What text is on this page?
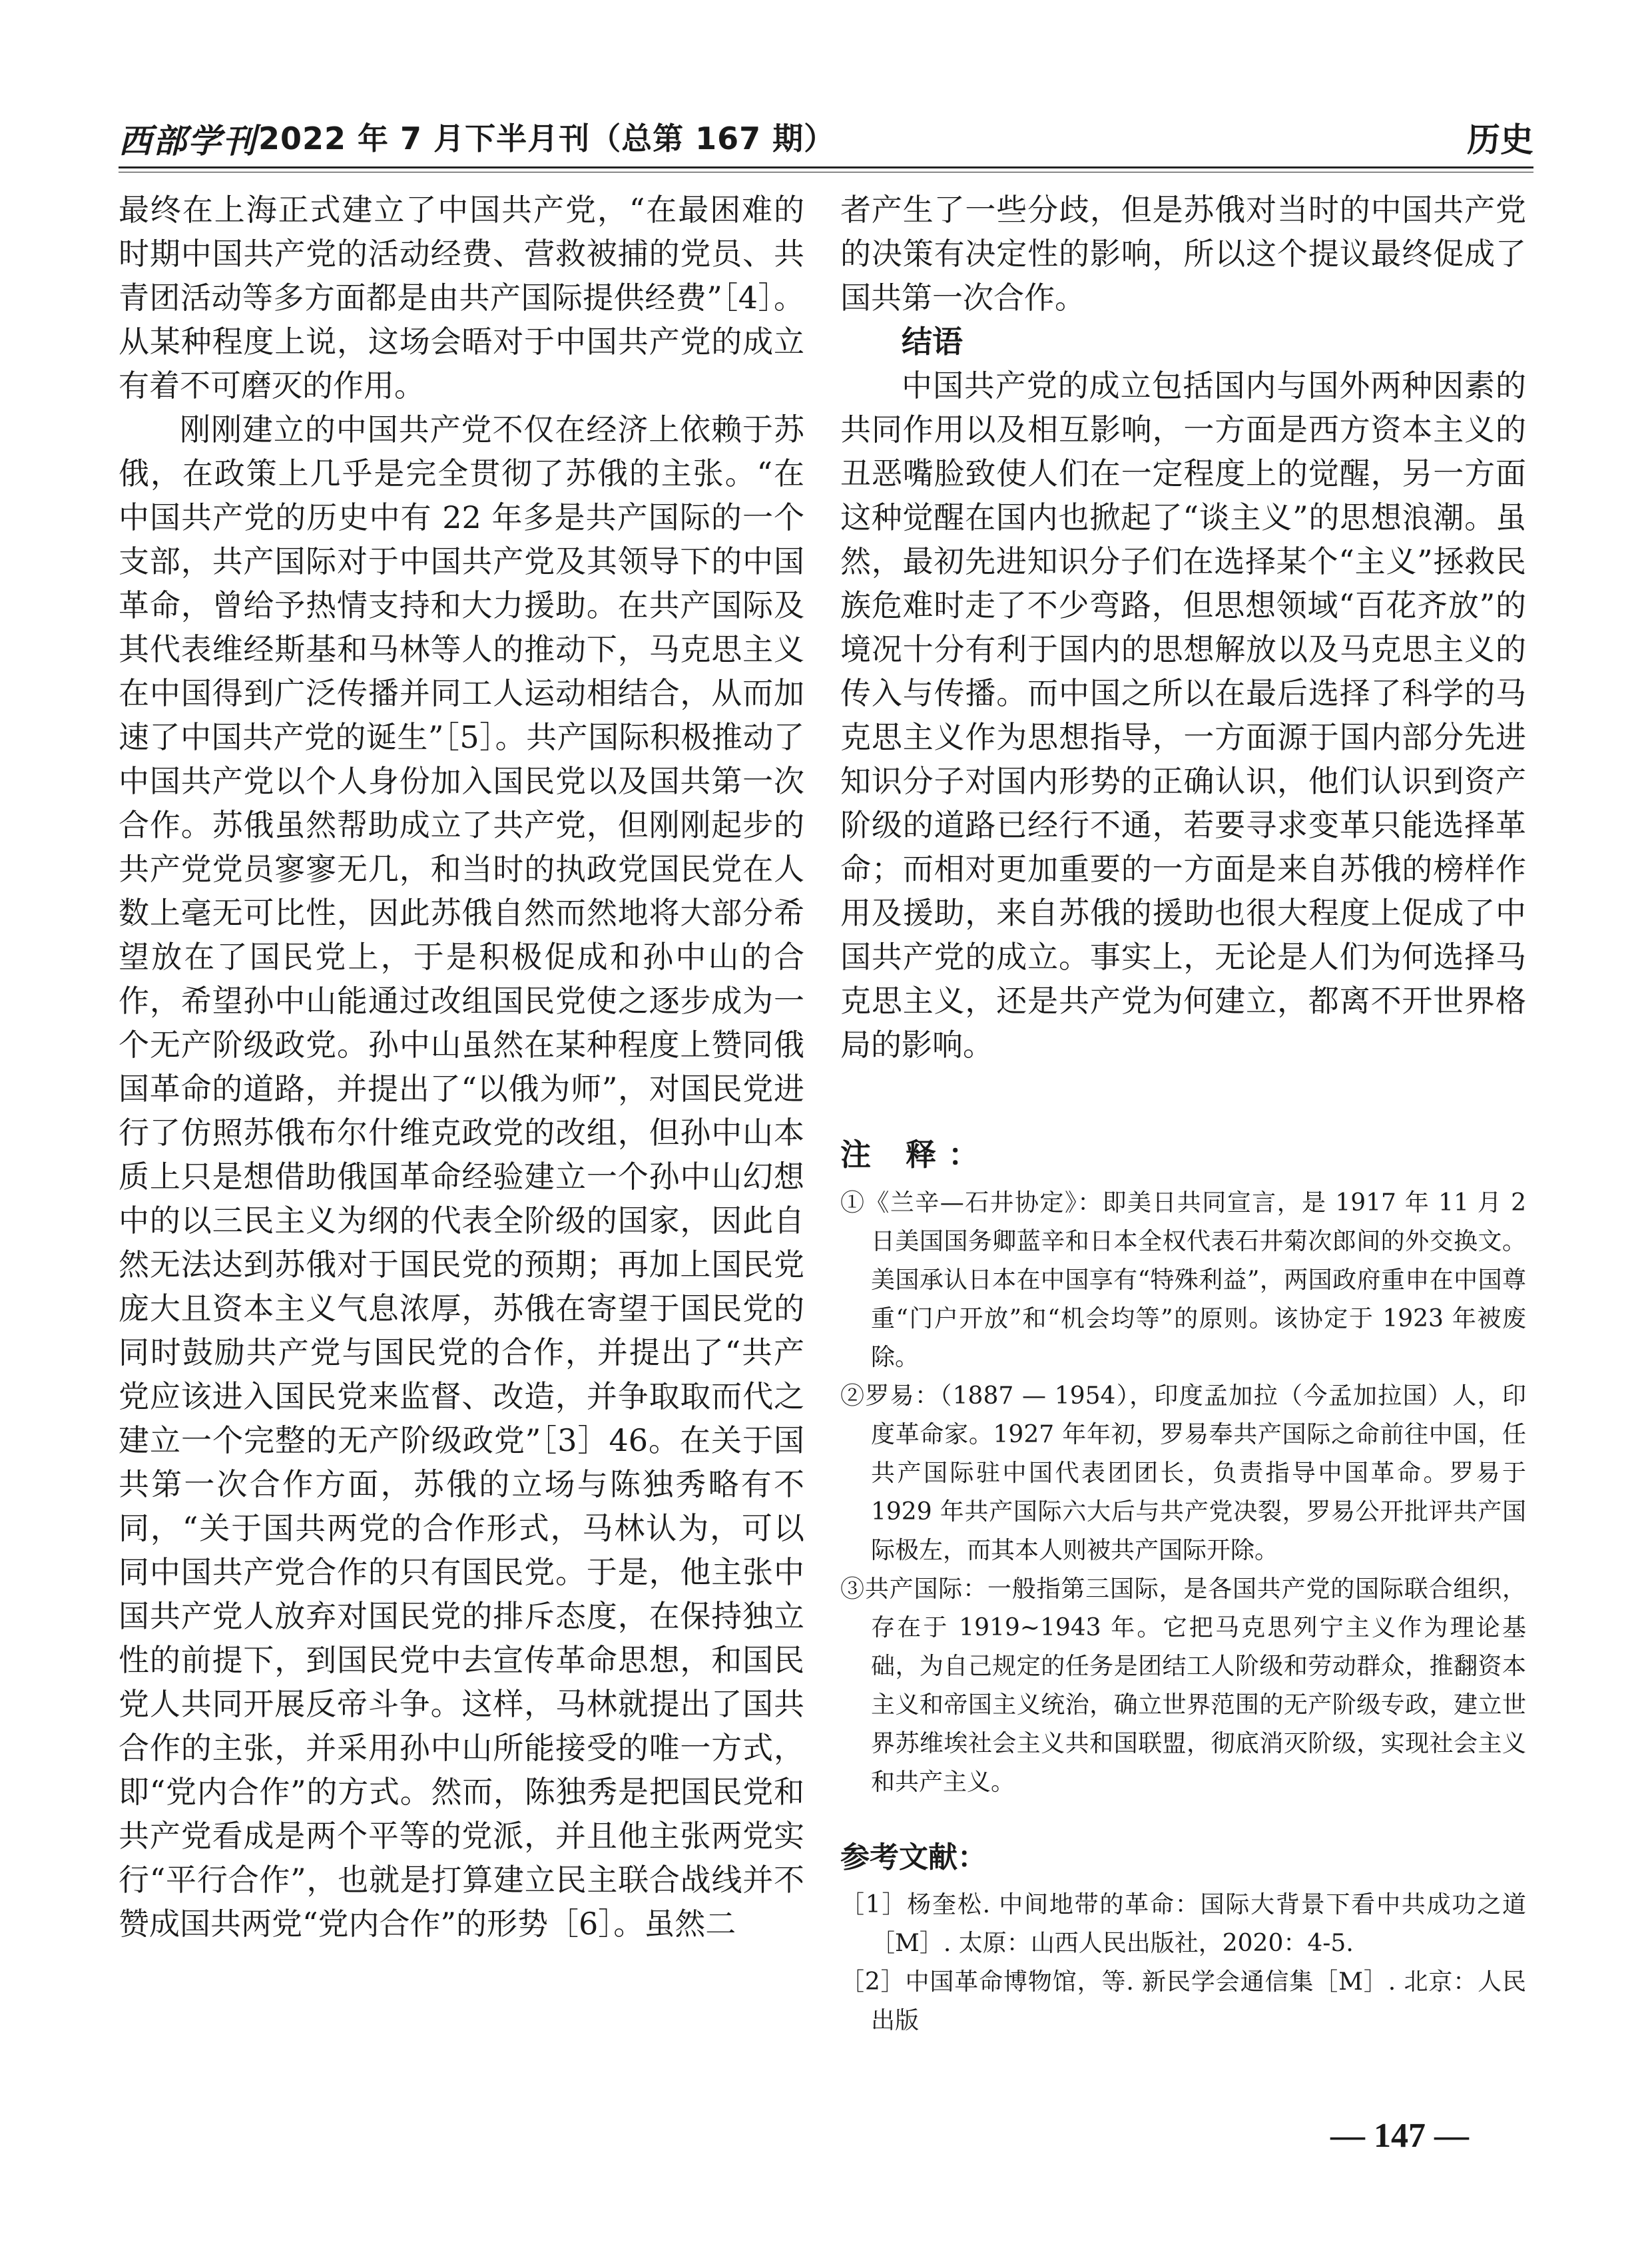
西部学刊 2022 年 7 月下半月刊（总第 167 期）	历史

最终在上海正式建立了中国共产党，“在最困难的时期中国共产党的活动经费、营救被捕的党员、共青团活动等多方面都是由共产国际提供经费”［4］。从某种程度上说，这场会晤对于中国共产党的成立有着不可磨灭的作用。

刚刚建立的中国共产党不仅在经济上依赖于苏俄，在政策上几乎是完全贯彻了苏俄的主张。“在中国共产党的历史中有 22 年多是共产国际的一个支部，共产国际对于中国共产党及其领导下的中国革命，曾给予热情支持和大力援助。在共产国际及其代表维经斯基和马林等人的推动下，马克思主义在中国得到广泛传播并同工人运动相结合，从而加速了中国共产党的诞生”［5］。共产国际积极推动了中国共产党以个人身份加入国民党以及国共第一次合作。苏俄虽然帮助成立了共产党，但刚刚起步的共产党党员寥寥无几，和当时的执政党国民党在人数上毫无可比性，因此苏俄自然而然地将大部分希望放在了国民党上，于是积极促成和孙中山的合作，希望孙中山能通过改组国民党使之逐步成为一个无产阶级政党。孙中山虽然在某种程度上赞同俄国革命的道路，并提出了“以俄为师”，对国民党进行了仿照苏俄布尔什维克政党的改组，但孙中山本质上只是想借助俄国革命经验建立一个孙中山幻想中的以三民主义为纲的代表全阶级的国家，因此自然无法达到苏俄对于国民党的预期；再加上国民党庞大且资本主义气息浓厚，苏俄在寄望于国民党的同时鼓励共产党与国民党的合作，并提出了“共产党应该进入国民党来监督、改造，并争取取而代之建立一个完整的无产阶级政党”［3］46。在关于国共第一次合作方面，苏俄的立场与陈独秀略有不同，“关于国共两党的合作形式，马林认为，可以同中国共产党合作的只有国民党。于是，他主张中国共产党人放弃对国民党的排斥态度，在保持独立性的前提下，到国民党中去宣传革命思想，和国民党人共同开展反帝斗争。这样，马林就提出了国共合作的主张，并采用孙中山所能接受的唯一方式，即“党内合作”的方式。然而，陈独秀是把国民党和共产党看成是两个平等的党派，并且他主张两党实行“平行合作”，也就是打算建立民主联合战线并不赞成国共两党“党内合作”的形势［6］。虽然二

者产生了一些分歧，但是苏俄对当时的中国共产党的决策有决定性的影响，所以这个提议最终促成了国共第一次合作。

结语

中国共产党的成立包括国内与国外两种因素的共同作用以及相互影响，一方面是西方资本主义的丑恶嘴脸致使人们在一定程度上的觉醒，另一方面这种觉醒在国内也掀起了“谈主义”的思想浪潮。虽然，最初先进知识分子们在选择某个“主义”拯救民族危难时走了不少弯路，但思想领域“百花齐放”的境况十分有利于国内的思想解放以及马克思主义的传入与传播。而中国之所以在最后选择了科学的马克思主义作为思想指导，一方面源于国内部分先进知识分子对国内形势的正确认识，他们认识到资产阶级的道路已经行不通，若要寻求变革只能选择革命；而相对更加重要的一方面是来自苏俄的榜样作用及援助，来自苏俄的援助也很大程度上促成了中国共产党的成立。事实上，无论是人们为何选择马克思主义，还是共产党为何建立，都离不开世界格局的影响。

注 释：

①《兰辛—石井协定》：即美日共同宣言，是 1917 年 11 月 2 日美国国务卿蓝辛和日本全权代表石井菊次郎间的外交换文。美国承认日本在中国享有“特殊利益”，两国政府重申在中国尊重“门户开放”和“机会均等”的原则。该协定于 1923 年被废除。

②罗易：（1887 — 1954），印度孟加拉（今孟加拉国）人，印度革命家。1927 年年初，罗易奉共产国际之命前往中国，任共产国际驻中国代表团团长，负责指导中国革命。罗易于 1929 年共产国际六大后与共产党决裂，罗易公开批评共产国际极左，而其本人则被共产国际开除。

③共产国际：一般指第三国际，是各国共产党的国际联合组织，存在于 1919~1943 年。它把马克思列宁主义作为理论基础，为自己规定的任务是团结工人阶级和劳动群众，推翻资本主义和帝国主义统治，确立世界范围的无产阶级专政，建立世界苏维埃社会主义共和国联盟，彻底消灭阶级，实现社会主义和共产主义。

参考文献：

［1］杨奎松. 中间地带的革命：国际大背景下看中共成功之道［M］. 太原：山西人民出版社，2020：4-5.

［2］中国革命博物馆，等. 新民学会通信集［M］. 北京：人民出版

— 147 —
